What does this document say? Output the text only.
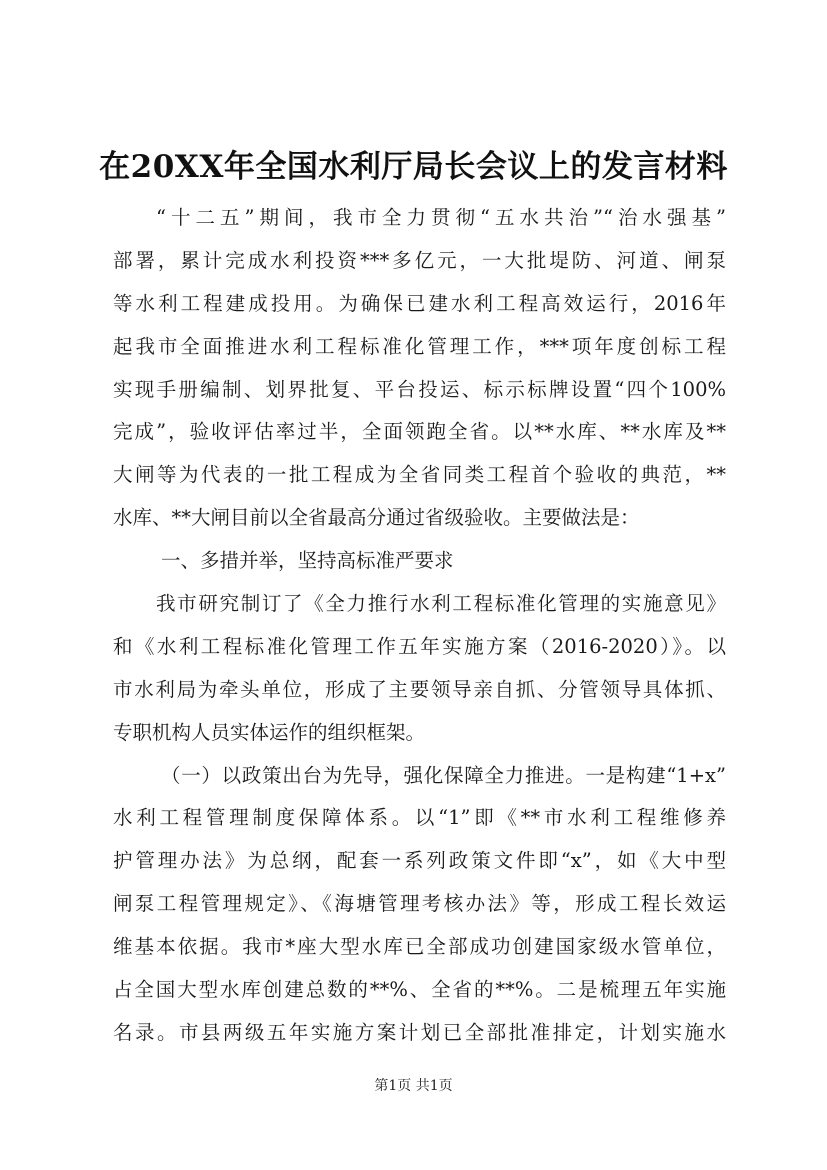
在20XX年全国水利厅局长会议上的发言材料
“十二五”期间，我市全力贯彻“五水共治”“治水强基”
部署，累计完成水利投资***多亿元，一大批堤防、河道、闸泵
等水利工程建成投用。为确保已建水利工程高效运行，2016年
起我市全面推进水利工程标准化管理工作，***项年度创标工程
实现手册编制、划界批复、平台投运、标示标牌设置“四个100%
完成”，验收评估率过半，全面领跑全省。以**水库、**水库及**
大闸等为代表的一批工程成为全省同类工程首个验收的典范，**
水库、**大闸目前以全省最高分通过省级验收。主要做法是：
一、多措并举，坚持高标准严要求
我市研究制订了《全力推行水利工程标准化管理的实施意见》
和《水利工程标准化管理工作五年实施方案（2016-2020）》。以
市水利局为牵头单位，形成了主要领导亲自抓、分管领导具体抓、
专职机构人员实体运作的组织框架。
（一）以政策出台为先导，强化保障全力推进。一是构建“1+x”
水利工程管理制度保障体系。以“1”即《**市水利工程维修养
护管理办法》为总纲，配套一系列政策文件即“x”，如《大中型
闸泵工程管理规定》、《海塘管理考核办法》等，形成工程长效运
维基本依据。我市*座大型水库已全部成功创建国家级水管单位，
占全国大型水库创建总数的**%、全省的**%。二是梳理五年实施
名录。市县两级五年实施方案计划已全部批准排定，计划实施水
第1页 共1页
